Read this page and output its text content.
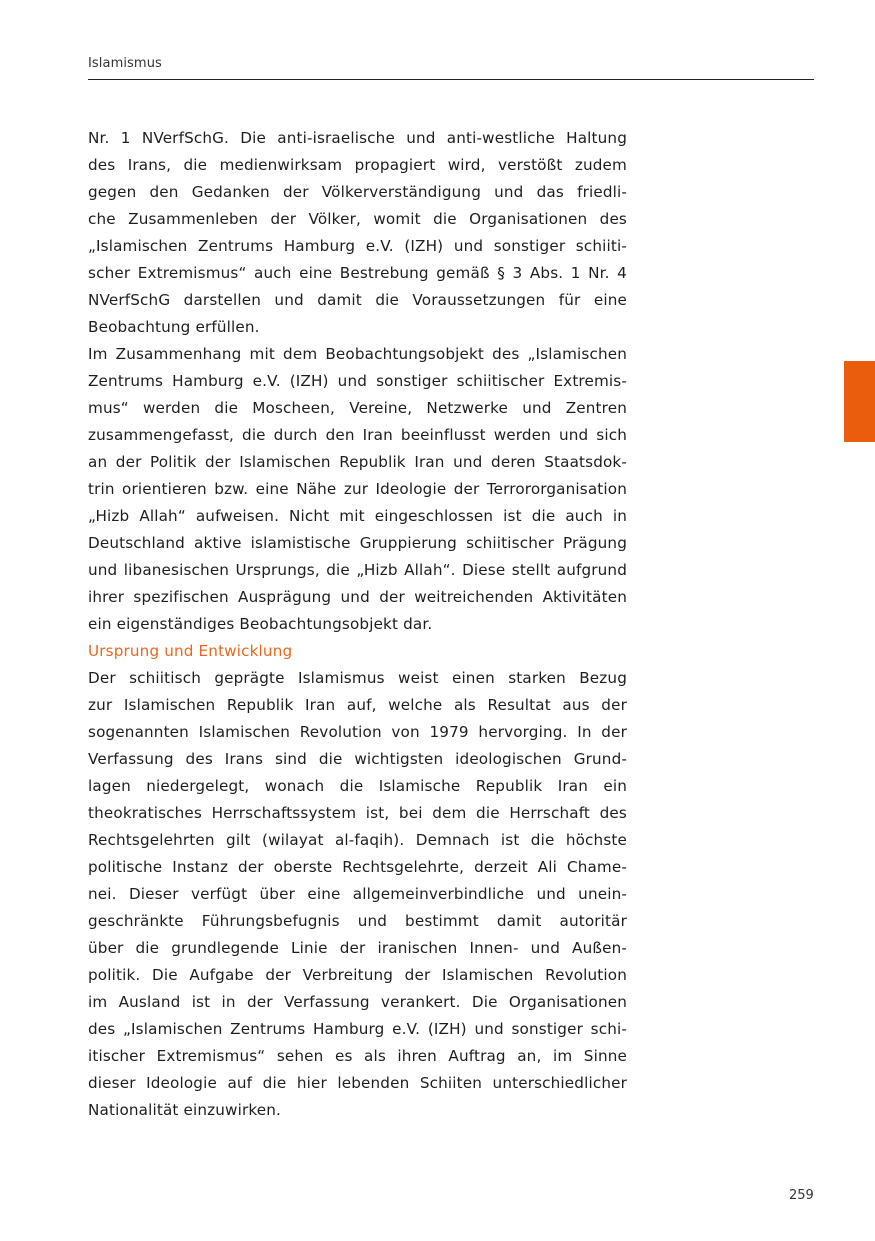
Islamismus

Nr. 1 NVerfSchG. Die anti-israelische und anti-westliche Haltung
des Irans, die medienwirksam propagiert wird, verstößt zudem
gegen den Gedanken der Völkerverständigung und das friedli-
che Zusammenleben der Völker, womit die Organisationen des
„Islamischen Zentrums Hamburg e.V. (IZH) und sonstiger schiiti-
scher Extremismus“ auch eine Bestrebung gemäß § 3 Abs. 1 Nr. 4
NVerfSchG darstellen und damit die Voraussetzungen für eine
Beobachtung erfüllen.

Im Zusammenhang mit dem Beobachtungsobjekt des „Islamischen
Zentrums Hamburg e.V. (IZH) und sonstiger schiitischer Extremis-
mus“ werden die Moscheen, Vereine, Netzwerke und Zentren
zusammengefasst, die durch den Iran beeinflusst werden und sich
an der Politik der Islamischen Republik Iran und deren Staatsdok-
trin orientieren bzw. eine Nähe zur Ideologie der Terrororganisation
„Hizb Allah“ aufweisen. Nicht mit eingeschlossen ist die auch in
Deutschland aktive islamistische Gruppierung schiitischer Prägung
und libanesischen Ursprungs, die „Hizb Allah“. Diese stellt aufgrund
ihrer spezifischen Ausprägung und der weitreichenden Aktivitäten
ein eigenständiges Beobachtungsobjekt dar.

Ursprung und Entwicklung

Der schiitisch geprägte Islamismus weist einen starken Bezug
zur Islamischen Republik Iran auf, welche als Resultat aus der
sogenannten Islamischen Revolution von 1979 hervorging. In der
Verfassung des Irans sind die wichtigsten ideologischen Grund-
lagen niedergelegt, wonach die Islamische Republik Iran ein
theokratisches Herrschaftssystem ist, bei dem die Herrschaft des
Rechtsgelehrten gilt (wilayat al-faqih). Demnach ist die höchste
politische Instanz der oberste Rechtsgelehrte, derzeit Ali Chame-
nei. Dieser verfügt über eine allgemeinverbindliche und unein-
geschränkte Führungsbefugnis und bestimmt damit autoritär
über die grundlegende Linie der iranischen Innen- und Außen-
politik. Die Aufgabe der Verbreitung der Islamischen Revolution
im Ausland ist in der Verfassung verankert. Die Organisationen
des „Islamischen Zentrums Hamburg e.V. (IZH) und sonstiger schi-
itischer Extremismus“ sehen es als ihren Auftrag an, im Sinne
dieser Ideologie auf die hier lebenden Schiiten unterschiedlicher
Nationalität einzuwirken.

259
